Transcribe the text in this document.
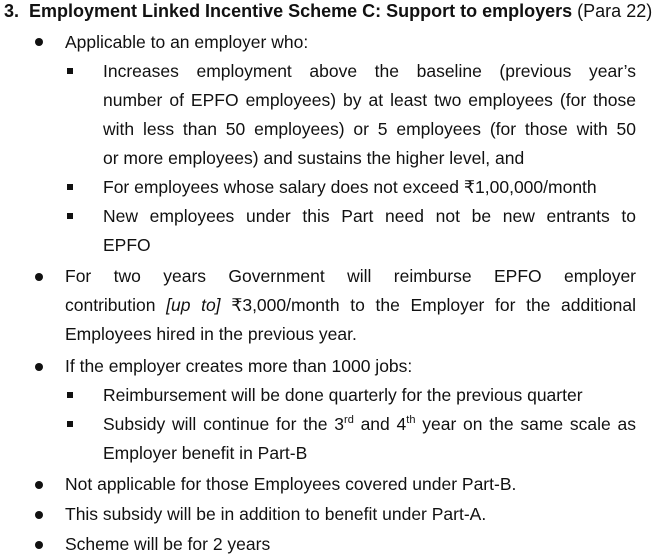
3. Employment Linked Incentive Scheme C: Support to employers (Para 22)
Applicable to an employer who:
Increases employment above the baseline (previous year’s
number of EPFO employees) by at least two employees (for those
with less than 50 employees) or 5 employees (for those with 50
or more employees) and sustains the higher level, and
For employees whose salary does not exceed ₹1,00,000/month
New employees under this Part need not be new entrants to
EPFO
For two years Government will reimburse EPFO employer
contribution [up to] ₹3,000/month to the Employer for the additional
Employees hired in the previous year.
If the employer creates more than 1000 jobs:
Reimbursement will be done quarterly for the previous quarter
Subsidy will continue for the 3rd and 4th year on the same scale as
Employer benefit in Part-B
Not applicable for those Employees covered under Part-B.
This subsidy will be in addition to benefit under Part-A.
Scheme will be for 2 years
